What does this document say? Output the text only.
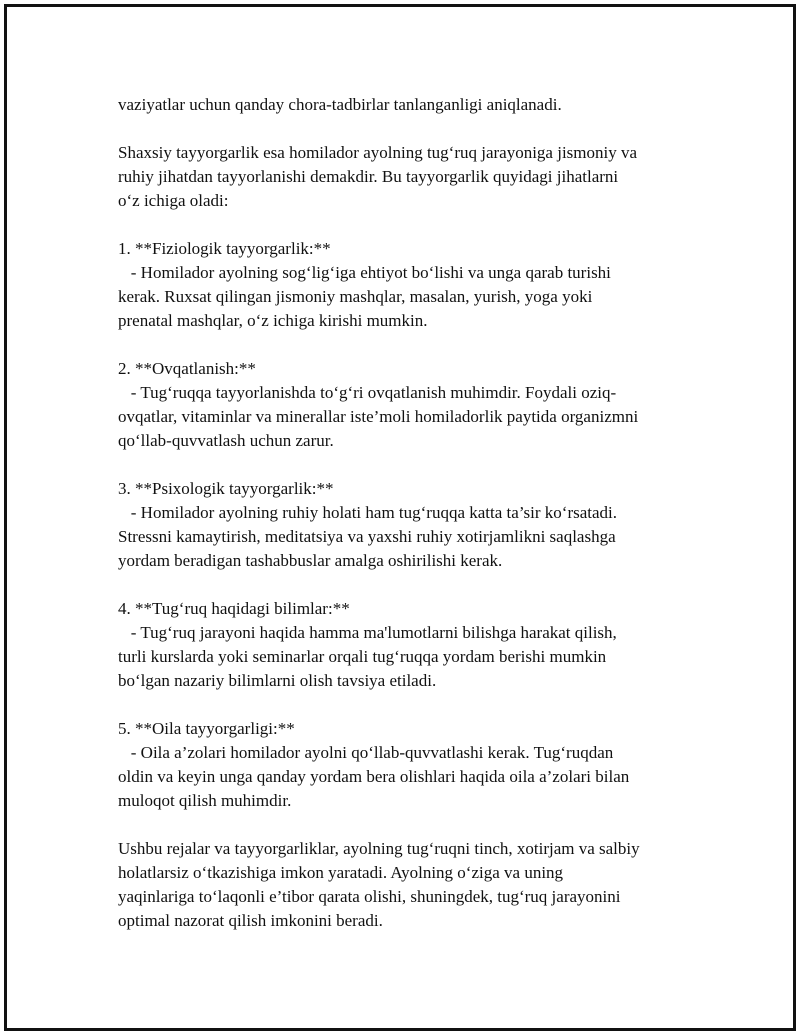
vaziyatlar uchun qanday chora-tadbirlar tanlanganligi aniqlanadi.

Shaxsiy tayyorgarlik esa homilador ayolning tug‘ruq jarayoniga jismoniy va
ruhiy jihatdan tayyorlanishi demakdir. Bu tayyorgarlik quyidagi jihatlarni
o‘z ichiga oladi:

1. **Fiziologik tayyorgarlik:**
- Homilador ayolning sog‘lig‘iga ehtiyot bo‘lishi va unga qarab turishi
kerak. Ruxsat qilingan jismoniy mashqlar, masalan, yurish, yoga yoki
prenatal mashqlar, o‘z ichiga kirishi mumkin.

2. **Ovqatlanish:**
- Tug‘ruqqa tayyorlanishda to‘g‘ri ovqatlanish muhimdir. Foydali oziq-
ovqatlar, vitaminlar va minerallar iste’moli homiladorlik paytida organizmni
qo‘llab-quvvatlash uchun zarur.

3. **Psixologik tayyorgarlik:**
- Homilador ayolning ruhiy holati ham tug‘ruqqa katta ta’sir ko‘rsatadi.
Stressni kamaytirish, meditatsiya va yaxshi ruhiy xotirjamlikni saqlashga
yordam beradigan tashabbuslar amalga oshirilishi kerak.

4. **Tug‘ruq haqidagi bilimlar:**
- Tug‘ruq jarayoni haqida hamma ma'lumotlarni bilishga harakat qilish,
turli kurslarda yoki seminarlar orqali tug‘ruqqa yordam berishi mumkin
bo‘lgan nazariy bilimlarni olish tavsiya etiladi.

5. **Oila tayyorgarligi:**
- Oila a’zolari homilador ayolni qo‘llab-quvvatlashi kerak. Tug‘ruqdan
oldin va keyin unga qanday yordam bera olishlari haqida oila a’zolari bilan
muloqot qilish muhimdir.

Ushbu rejalar va tayyorgarliklar, ayolning tug‘ruqni tinch, xotirjam va salbiy
holatlarsiz o‘tkazishiga imkon yaratadi. Ayolning o‘ziga va uning
yaqinlariga to‘laqonli e’tibor qarata olishi, shuningdek, tug‘ruq jarayonini
optimal nazorat qilish imkonini beradi.
